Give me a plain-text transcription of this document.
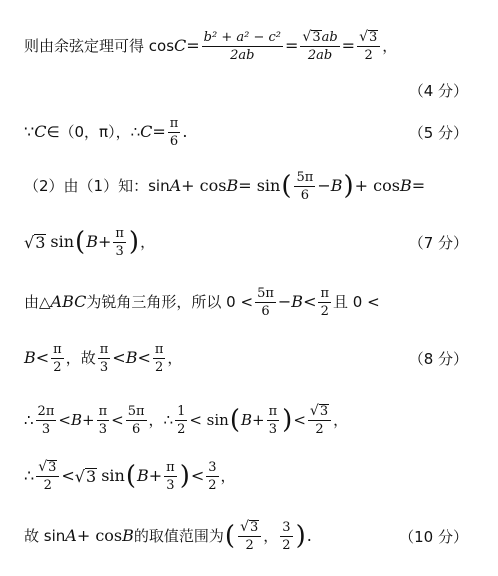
则由余弦定理可得 $\cos C = \frac{\text{b² + a² − c²}}{2ab} = \frac{√ 3 ab}{2ab} = \frac{√ 3}{2}$ ，
（4 分）
∵ C ∈（0，π），∴ $C = \frac{\pi}{6}$ .	（5 分）
（2）由（1）知：sin A + cos B = sin ( $\frac{5\pi}{6} - B$ ) + cos B =
√ 3 sin ( $B + \frac{\pi}{3}$ ) ，	（7 分）
由△ ABC 为锐角三角形，所以 $0 < \frac{5\pi}{6} - B < \frac{\pi}{2}$ 且 0 <
$B < \frac{\pi}{2}$ ，故 $\frac{\pi}{3} < B < \frac{\pi}{2}$ ，	（8 分）
∴ $\frac{2\pi}{3} < B + \frac{\pi}{3} < \frac{5\pi}{6}$ ，∴ $\frac{1}{2} < \sin$ ( $B + \frac{\pi}{3}$ ) < $\frac{√ 3}{2}$ ，
∴ $\frac{√ 3}{2}$ < √ 3 sin ( $B + \frac{\pi}{3}$ ) < $\frac{3}{2}$ ，
故 sin A + cos B 的取值范围为 ( $\frac{√ 3}{2}$ ， $\frac{3}{2}$ ) .	（10 分）
